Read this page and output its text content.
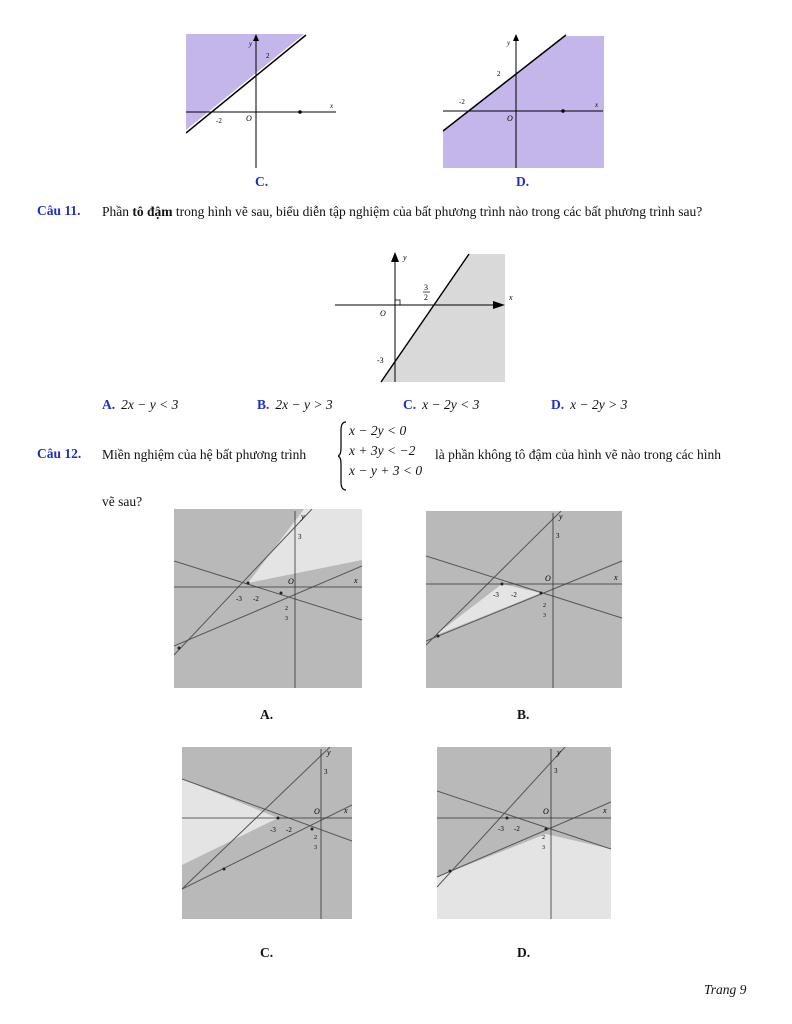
y
x
2
-2	O
y
x
2
-2
O
C.	D.
Câu 11. Phần tô đậm trong hình vẽ sau, biểu diễn tập nghiệm của bất phương trình nào trong các bất phương trình sau?
y
x
O
3
2
-3
A. 2x − y < 3	B. 2x − y > 3	C. x − 2y < 3	D. x − 2y > 3
Câu 12. Miền nghiệm của hệ bất phương trình
x − 2y < 0
x + 3y < −2
x − y + 3 < 0
là phần không tô đậm của hình vẽ nào trong các hình
vẽ sau?
y
x
O
3
-3 -2
2
3
y
x
O
3
-3 -2
2
3
A.	B.
y
x
O
3
-3 -2
2
3
y
x
O
3
-3 -2
2
3
C.	D.
Trang 9
